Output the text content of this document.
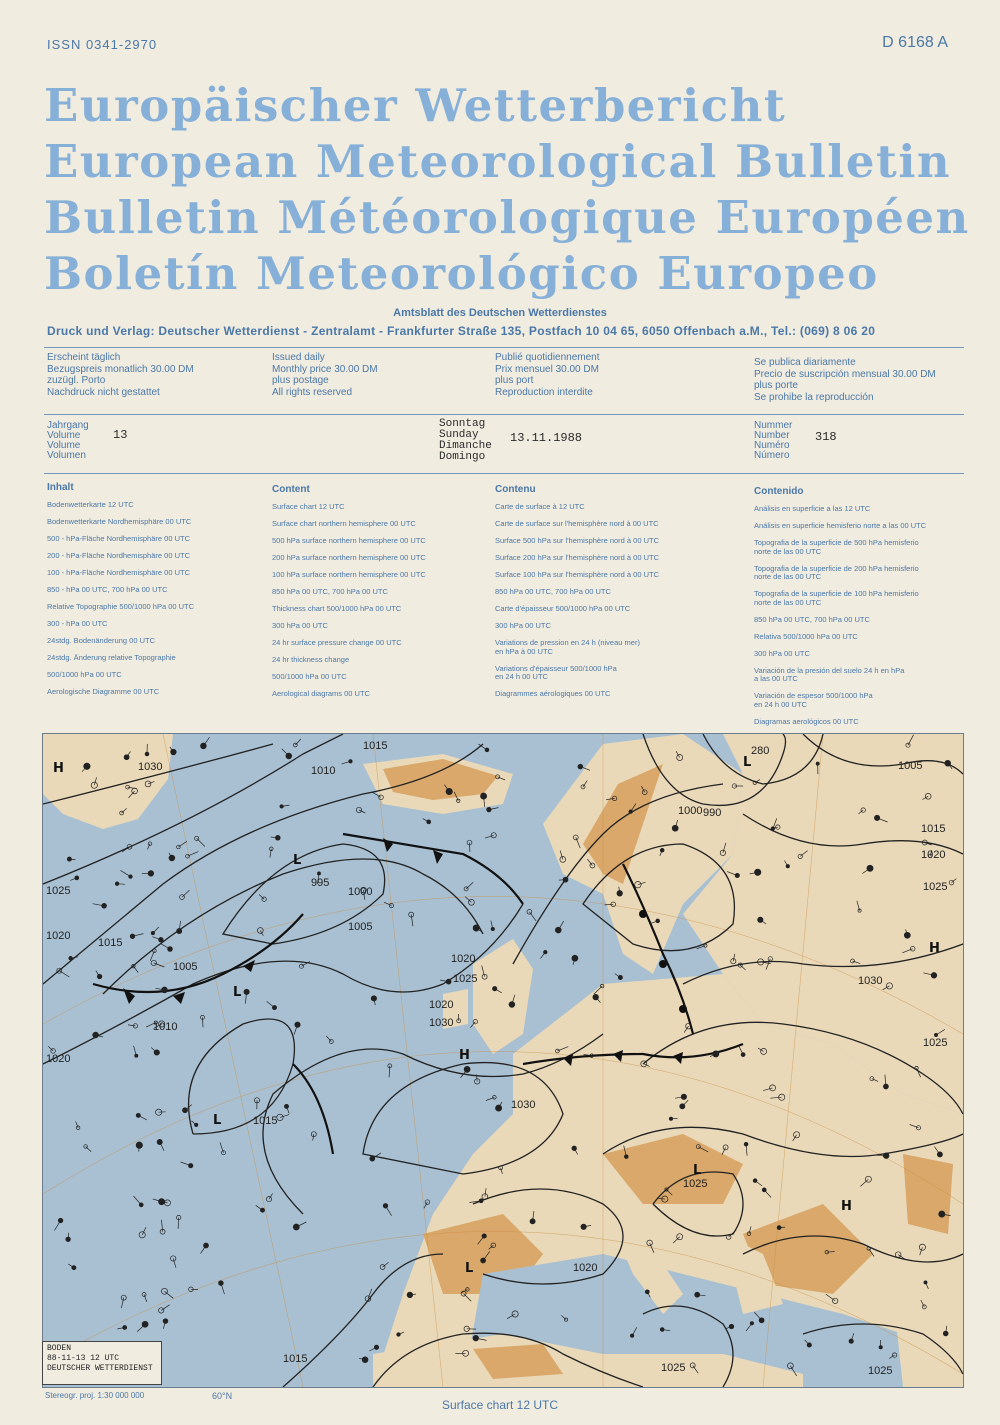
ISSN 0341-2970	D 6168 A
Europäischer Wetterbericht
European Meteorological Bulletin
Bulletin Météorologique Européen
Boletín Meteorológico Europeo
Amtsblatt des Deutschen Wetterdienstes
Druck und Verlag: Deutscher Wetterdienst - Zentralamt - Frankfurter Straße 135, Postfach 10 04 65, 6050 Offenbach a.M., Tel.: (069) 8 06 20
Erscheint täglich
Bezugspreis monatlich 30.00 DM
zuzügl. Porto
Nachdruck nicht gestattet
Issued daily
Monthly price 30.00 DM
plus postage
All rights reserved
Publié quotidiennement
Prix mensuel 30.00 DM
plus port
Reproduction interdite
Se publica diariamente
Precio de suscripción mensual 30.00 DM
plus porte
Se prohibe la reproducción
Jahrgang
Volume
Volume
Volumen
13
Sonntag
Sunday
Dimanche
Domingo
13.11.1988
Nummer
Number
Numéro
Número
318
Inhalt
Bodenwetterkarte 12 UTC
Bodenwetterkarte Nordhemisphäre 00 UTC
500 - hPa-Fläche Nordhemisphäre 00 UTC
200 - hPa-Fläche Nordhemisphäre 00 UTC
100 - hPa-Fläche Nordhemisphäre 00 UTC
850 - hPa 00 UTC, 700 hPa 00 UTC
Relative Topographie 500/1000 hPa 00 UTC
300 - hPa 00 UTC
24stdg. Bodenänderung 00 UTC
24stdg. Änderung relative Topographie
500/1000 hPa 00 UTC
Aerologische Diagramme 00 UTC
Content
Surface chart 12 UTC
Surface chart northern hemisphere 00 UTC
500 hPa surface northern hemisphere 00 UTC
200 hPa surface northern hemisphere 00 UTC
100 hPa surface northern hemisphere 00 UTC
850 hPa 00 UTC, 700 hPa 00 UTC
Thickness chart 500/1000 hPa 00 UTC
300 hPa 00 UTC
24 hr surface pressure change 00 UTC
24 hr thickness change
500/1000 hPa 00 UTC
Aerological diagrams 00 UTC
Contenu
Carte de surface à 12 UTC
Carte de surface sur l'hemisphère nord à 00 UTC
Surface 500 hPa sur l'hemisphère nord à 00 UTC
Surface 200 hPa sur l'hemisphère nord à 00 UTC
Surface 100 hPa sur l'hemisphère nord à 00 UTC
850 hPa 00 UTC, 700 hPa 00 UTC
Carte d'épaisseur 500/1000 hPa 00 UTC
300 hPa 00 UTC
Variations de pression en 24 h (niveau mer)
en hPa à 00 UTC
Variations d'épaisseur 500/1000 hPa
en 24 h 00 UTC
Diagrammes aérologiques 00 UTC
Contenido
Análisis en superficie a las 12 UTC
Análisis en superficie hemisferio norte a las 00 UTC
Topografia de la superficie de 500 hPa hemisferio
norte de las 00 UTC
Topografia de la superficie de 200 hPa hemisferio
norte de las 00 UTC
Topografia de la superficie de 100 hPa hemisferio
norte de las 00 UTC
850 hPa 00 UTC, 700 hPa 00 UTC
Relativa 500/1000 hPa 00 UTC
300 hPa 00 UTC
Variación de la presión del suelo 24 h en hPa
a las 00 UTC
Variación de espesor 500/1000 hPa
en 24 h 00 UTC
Diagramas aerológicos 00 UTC
1025
1020
1015
1030
1010
1015
1010
1005
995
1000
1005
990
1000
280
1005
1015
1020
1025
1030
1025
1020
1015
1025
1025
1020
1020
1015
1025
1020
1030
1030
1025
H
H
H
H
L
L
L
L
L
L
BODEN
88-11-13 12 UTC
DEUTSCHER WETTERDIENST
Stereogr. proj. 1:30 000 000	60°N
Surface chart 12 UTC
